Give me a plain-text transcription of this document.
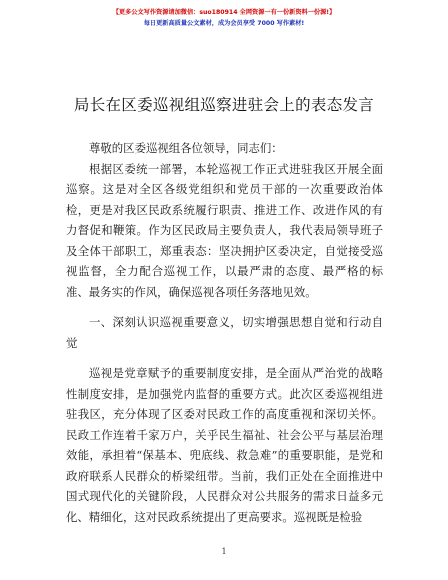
【更多公文写作资源请加微信：suo180914 全网资源一有一份新资料一份源!】
每日更新高质量公文素材，成为会员享受 7000 写作素材!
局长在区委巡视组巡察进驻会上的表态发言

尊敬的区委巡视组各位领导，同志们：

根据区委统一部署，本轮巡视工作正式进驻我区开展全面巡察。这是对全区各级党组织和党员干部的一次重要政治体检，更是对我区民政系统履行职责、推进工作、改进作风的有力督促和鞭策。作为区民政局主要负责人，我代表局领导班子及全体干部职工，郑重表态：坚决拥护区委决定，自觉接受巡视监督，全力配合巡视工作，以最严肃的态度、最严格的标准、最务实的作风，确保巡视各项任务落地见效。

一、深刻认识巡视重要意义，切实增强思想自觉和行动自觉

巡视是党章赋予的重要制度安排，是全面从严治党的战略性制度安排，是加强党内监督的重要方式。此次区委巡视组进驻我区，充分体现了区委对民政工作的高度重视和深切关怀。民政工作连着千家万户，关乎民生福祉、社会公平与基层治理效能，承担着“保基本、兜底线、救急难”的重要职能，是党和政府联系人民群众的桥梁纽带。当前，我们正处在全面推进中国式现代化的关键阶段，人民群众对公共服务的需求日益多元化、精细化，这对民政系统提出了更高要求。巡视既是检验

1
